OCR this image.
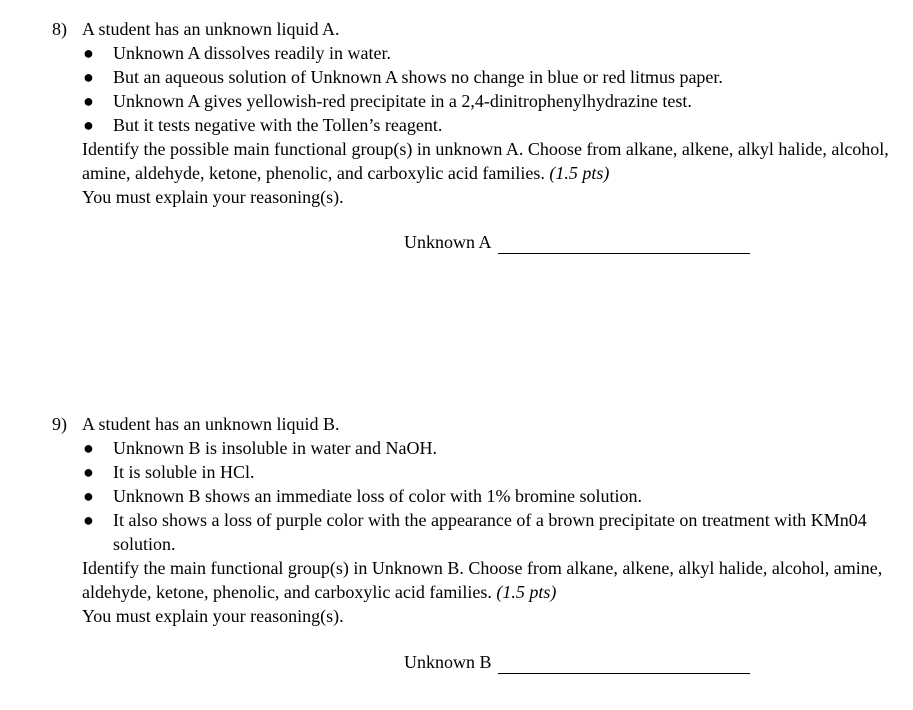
8) A student has an unknown liquid A.
●	Unknown A dissolves readily in water.
●	But an aqueous solution of Unknown A shows no change in blue or red litmus paper.
●	Unknown A gives yellowish-red precipitate in a 2,4-dinitrophenylhydrazine test.
●	But it tests negative with the Tollen’s reagent.
Identify the possible main functional group(s) in unknown A. Choose from alkane, alkene, alkyl halide, alcohol, amine, aldehyde, ketone, phenolic, and carboxylic acid families. (1.5 pts)
You must explain your reasoning(s).
Unknown A
9) A student has an unknown liquid B.
●	Unknown B is insoluble in water and NaOH.
●	It is soluble in HCl.
●	Unknown B shows an immediate loss of color with 1% bromine solution.
●	It also shows a loss of purple color with the appearance of a brown precipitate on treatment with KMn04 solution.
Identify the main functional group(s) in Unknown B. Choose from alkane, alkene, alkyl halide, alcohol, amine, aldehyde, ketone, phenolic, and carboxylic acid families. (1.5 pts)
You must explain your reasoning(s).
Unknown B
